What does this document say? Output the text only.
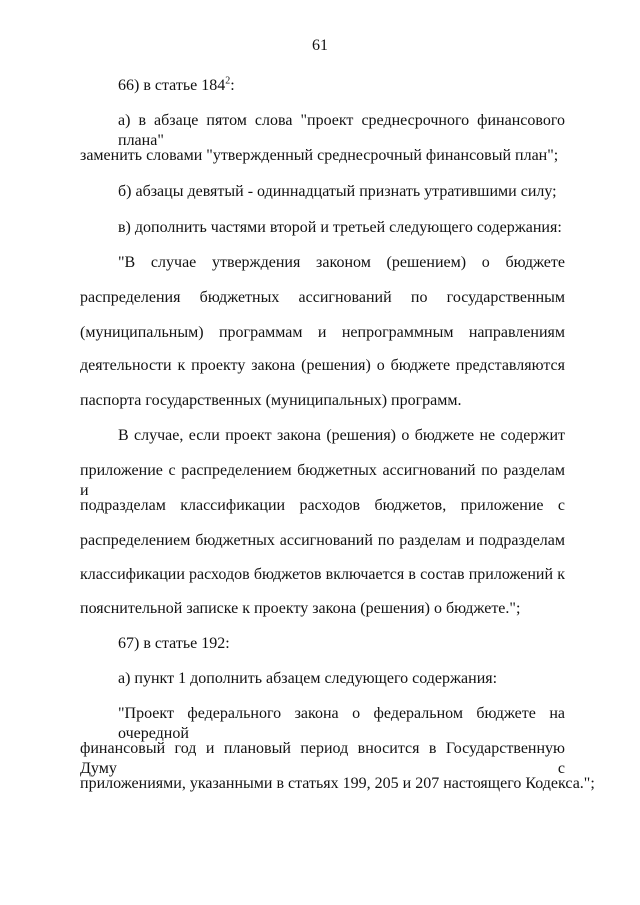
61
66) в статье $184^2$:
а) в абзаце пятом слова "проект среднесрочного финансового плана"
заменить словами "утвержденный среднесрочный финансовый план";
б) абзацы девятый - одиннадцатый признать утратившими силу;
в) дополнить частями второй и третьей следующего содержания:
"В случае утверждения законом (решением) о бюджете
распределения бюджетных ассигнований по государственным
(муниципальным) программам и непрограммным направлениям
деятельности к проекту закона (решения) о бюджете представляются
паспорта государственных (муниципальных) программ.
В случае, если проект закона (решения) о бюджете не содержит
приложение с распределением бюджетных ассигнований по разделам и
подразделам классификации расходов бюджетов, приложение с
распределением бюджетных ассигнований по разделам и подразделам
классификации расходов бюджетов включается в состав приложений к
пояснительной записке к проекту закона (решения) о бюджете.";
67) в статье 192:
а) пункт 1 дополнить абзацем следующего содержания:
"Проект федерального закона о федеральном бюджете на очередной
финансовый год и плановый период вносится в Государственную Думу с
приложениями, указанными в статьях 199, 205 и 207 настоящего Кодекса.";
